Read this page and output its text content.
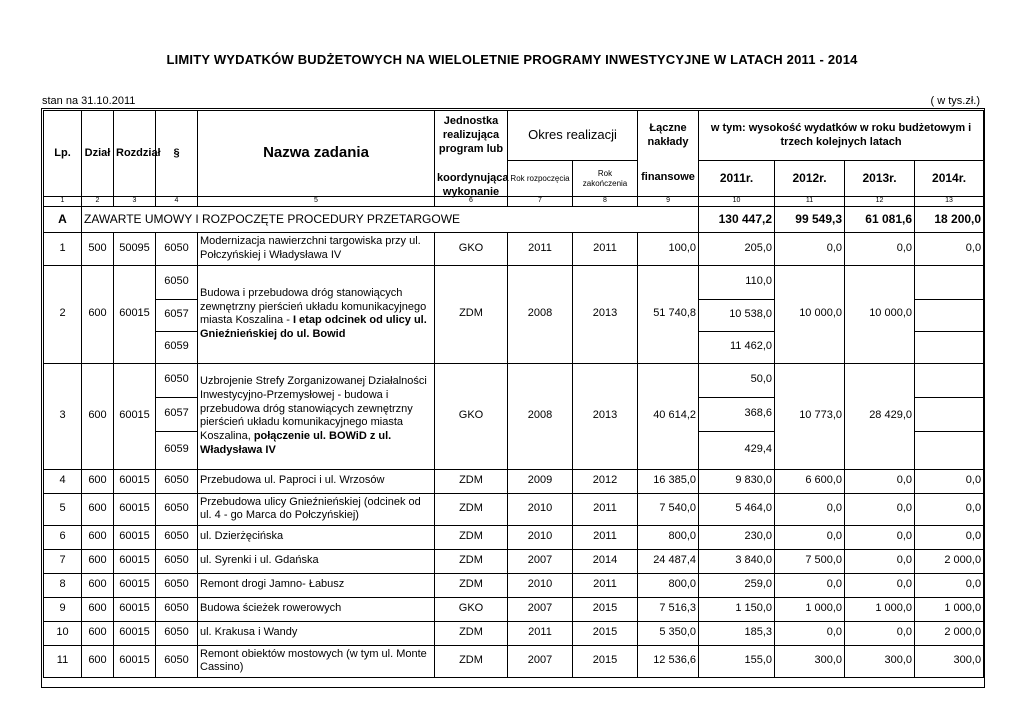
LIMITY WYDATKÓW BUDŻETOWYCH NA WIELOLETNIE PROGRAMY INWESTYCYJNE W LATACH 2011 - 2014
stan na 31.10.2011	( w tys.zł.)
Lp.	Dział	Rozdział	§	Nazwa zadania	Jednostka realizująca program lub	Okres realizacji		Łączne nakłady	w tym: wysokość wydatków w roku budżetowym i trzech kolejnych latach			

					koordynująca wykonanie	Rok rozpoczęcia	Rok zakończenia	finansowe	2011r.	2012r.	2013r.	2014r.
1	2	3	4	5	6	7	8	9	10	11	12	13
A	ZAWARTE UMOWY I ROZPOCZĘTE PROCEDURY PRZETARGOWE								130 447,2	99 549,3	61 081,6	18 200,0
1	500	50095	6050	Modernizacja nawierzchni targowiska przy ul. Połczyńskiej i Władysława IV	GKO	2011	2011	100,0	205,0	0,0	0,0	0,0
2	600	60015	6050	Budowa i przebudowa dróg stanowiących zewnętrzny pierścień układu komunikacyjnego miasta Koszalina - I etap odcinek od ulicy ul. Gnieźnieńskiej do ul. Bowid	ZDM	2008	2013	51 740,8	110,0	10 000,0	10 000,0	
			6057						10 538,0			
			6059						11 462,0			
3	600	60015	6050	Uzbrojenie Strefy Zorganizowanej Działalności Inwestycyjno-Przemysłowej - budowa i przebudowa dróg stanowiących zewnętrzny pierścień układu komunikacyjnego miasta Koszalina, połączenie ul. BOWiD z ul. Władysława IV	GKO	2008	2013	40 614,2	50,0	10 773,0	28 429,0	
			6057						368,6			
			6059						429,4			
4	600	60015	6050	Przebudowa ul. Paproci i ul. Wrzosów	ZDM	2009	2012	16 385,0	9 830,0	6 600,0	0,0	0,0
5	600	60015	6050	Przebudowa ulicy Gnieźnieńskiej (odcinek od ul. 4 - go Marca do Połczyńskiej)	ZDM	2010	2011	7 540,0	5 464,0	0,0	0,0	0,0
6	600	60015	6050	ul. Dzierżęcińska	ZDM	2010	2011	800,0	230,0	0,0	0,0	0,0
7	600	60015	6050	ul. Syrenki i ul. Gdańska	ZDM	2007	2014	24 487,4	3 840,0	7 500,0	0,0	2 000,0
8	600	60015	6050	Remont drogi Jamno- Łabusz	ZDM	2010	2011	800,0	259,0	0,0	0,0	0,0
9	600	60015	6050	Budowa ścieżek rowerowych	GKO	2007	2015	7 516,3	1 150,0	1 000,0	1 000,0	1 000,0
10	600	60015	6050	ul. Krakusa i Wandy	ZDM	2011	2015	5 350,0	185,3	0,0	0,0	2 000,0
11	600	60015	6050	Remont obiektów mostowych (w tym ul. Monte Cassino)	ZDM	2007	2015	12 536,6	155,0	300,0	300,0	300,0
